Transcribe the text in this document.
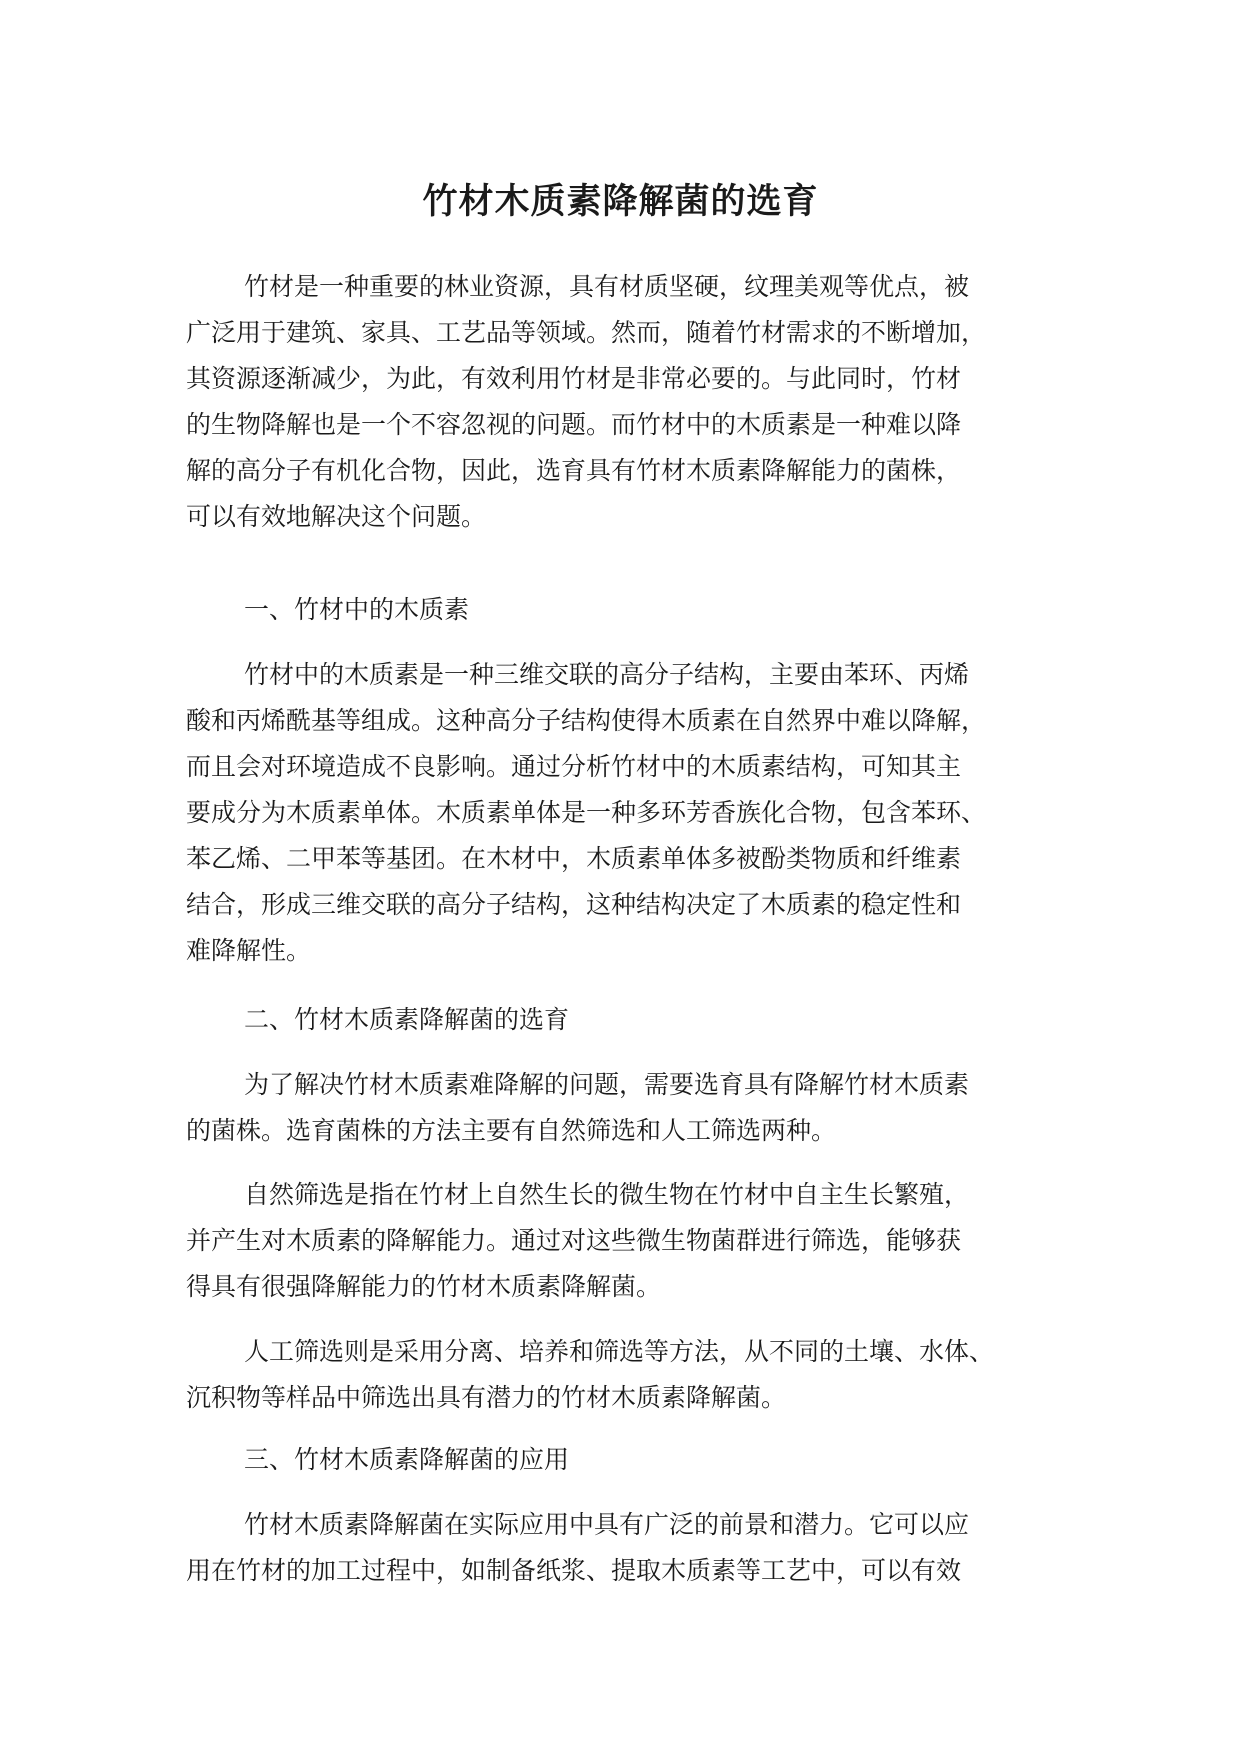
竹材木质素降解菌的选育
竹材是一种重要的林业资源，具有材质坚硬，纹理美观等优点，被
广泛用于建筑、家具、工艺品等领域。然而，随着竹材需求的不断增加，
其资源逐渐减少，为此，有效利用竹材是非常必要的。与此同时，竹材
的生物降解也是一个不容忽视的问题。而竹材中的木质素是一种难以降
解的高分子有机化合物，因此，选育具有竹材木质素降解能力的菌株，
可以有效地解决这个问题。
一、竹材中的木质素
竹材中的木质素是一种三维交联的高分子结构，主要由苯环、丙烯
酸和丙烯酰基等组成。这种高分子结构使得木质素在自然界中难以降解，
而且会对环境造成不良影响。通过分析竹材中的木质素结构，可知其主
要成分为木质素单体。木质素单体是一种多环芳香族化合物，包含苯环、
苯乙烯、二甲苯等基团。在木材中，木质素单体多被酚类物质和纤维素
结合，形成三维交联的高分子结构，这种结构决定了木质素的稳定性和
难降解性。
二、竹材木质素降解菌的选育
为了解决竹材木质素难降解的问题，需要选育具有降解竹材木质素
的菌株。选育菌株的方法主要有自然筛选和人工筛选两种。
自然筛选是指在竹材上自然生长的微生物在竹材中自主生长繁殖，
并产生对木质素的降解能力。通过对这些微生物菌群进行筛选，能够获
得具有很强降解能力的竹材木质素降解菌。
人工筛选则是采用分离、培养和筛选等方法，从不同的土壤、水体、
沉积物等样品中筛选出具有潜力的竹材木质素降解菌。
三、竹材木质素降解菌的应用
竹材木质素降解菌在实际应用中具有广泛的前景和潜力。它可以应
用在竹材的加工过程中，如制备纸浆、提取木质素等工艺中，可以有效
